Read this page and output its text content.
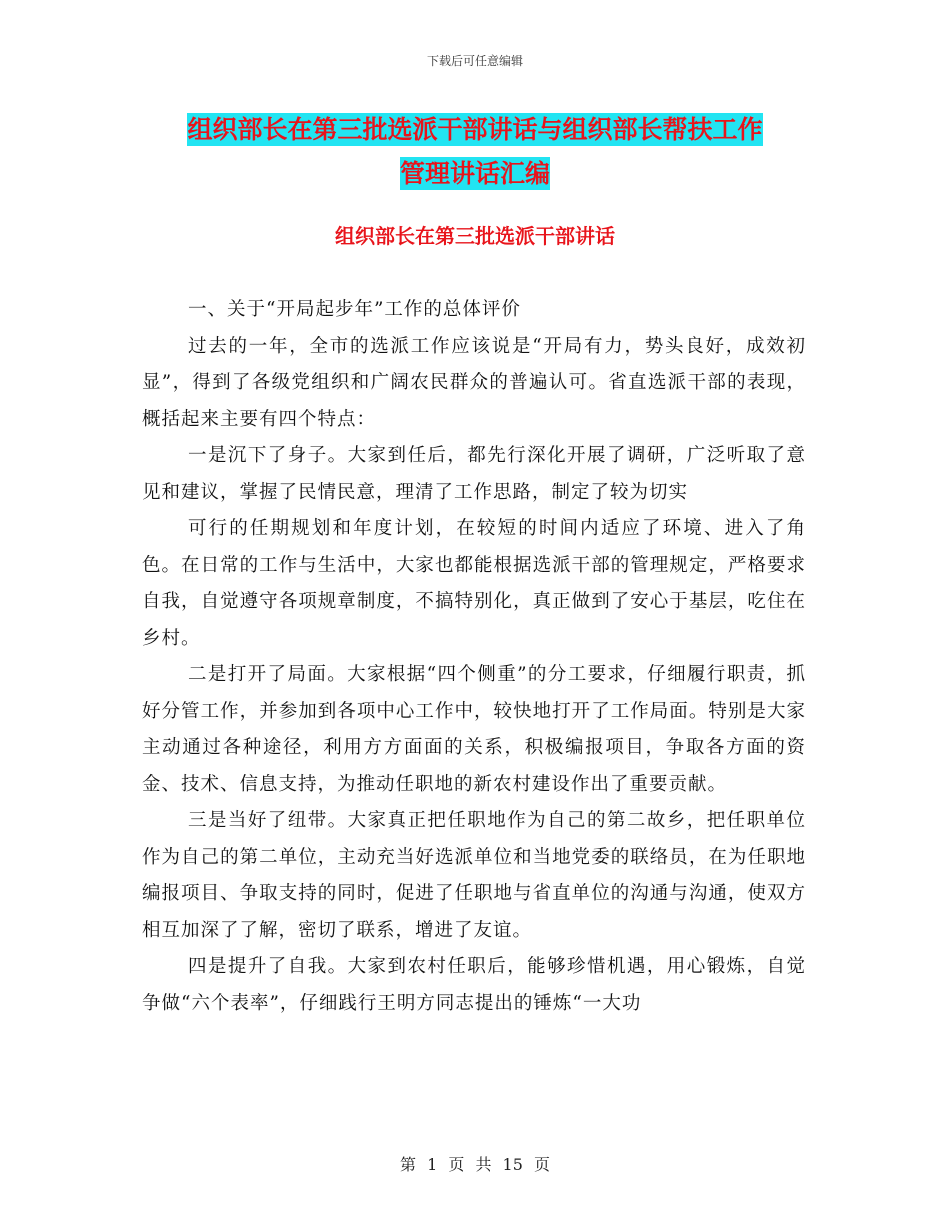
下载后可任意编辑
组织部长在第三批选派干部讲话与组织部长帮扶工作
管理讲话汇编
组织部长在第三批选派干部讲话

一、关于“开局起步年”工作的总体评价

过去的一年，全市的选派工作应该说是“开局有力，势头良好，成效初显”，得到了各级党组织和广阔农民群众的普遍认可。省直选派干部的表现，概括起来主要有四个特点：

一是沉下了身子。大家到任后，都先行深化开展了调研，广泛听取了意见和建议，掌握了民情民意，理清了工作思路，制定了较为切实

可行的任期规划和年度计划，在较短的时间内适应了环境、进入了角色。在日常的工作与生活中，大家也都能根据选派干部的管理规定，严格要求自我，自觉遵守各项规章制度，不搞特别化，真正做到了安心于基层，吃住在乡村。

二是打开了局面。大家根据“四个侧重”的分工要求，仔细履行职责，抓好分管工作，并参加到各项中心工作中，较快地打开了工作局面。特别是大家主动通过各种途径，利用方方面面的关系，积极编报项目，争取各方面的资金、技术、信息支持，为推动任职地的新农村建设作出了重要贡献。

三是当好了纽带。大家真正把任职地作为自己的第二故乡，把任职单位作为自己的第二单位，主动充当好选派单位和当地党委的联络员，在为任职地编报项目、争取支持的同时，促进了任职地与省直单位的沟通与沟通，使双方相互加深了了解，密切了联系，增进了友谊。

四是提升了自我。大家到农村任职后，能够珍惜机遇，用心锻炼，自觉争做“六个表率”，仔细践行王明方同志提出的锤炼“一大功

第 1 页 共 15 页
